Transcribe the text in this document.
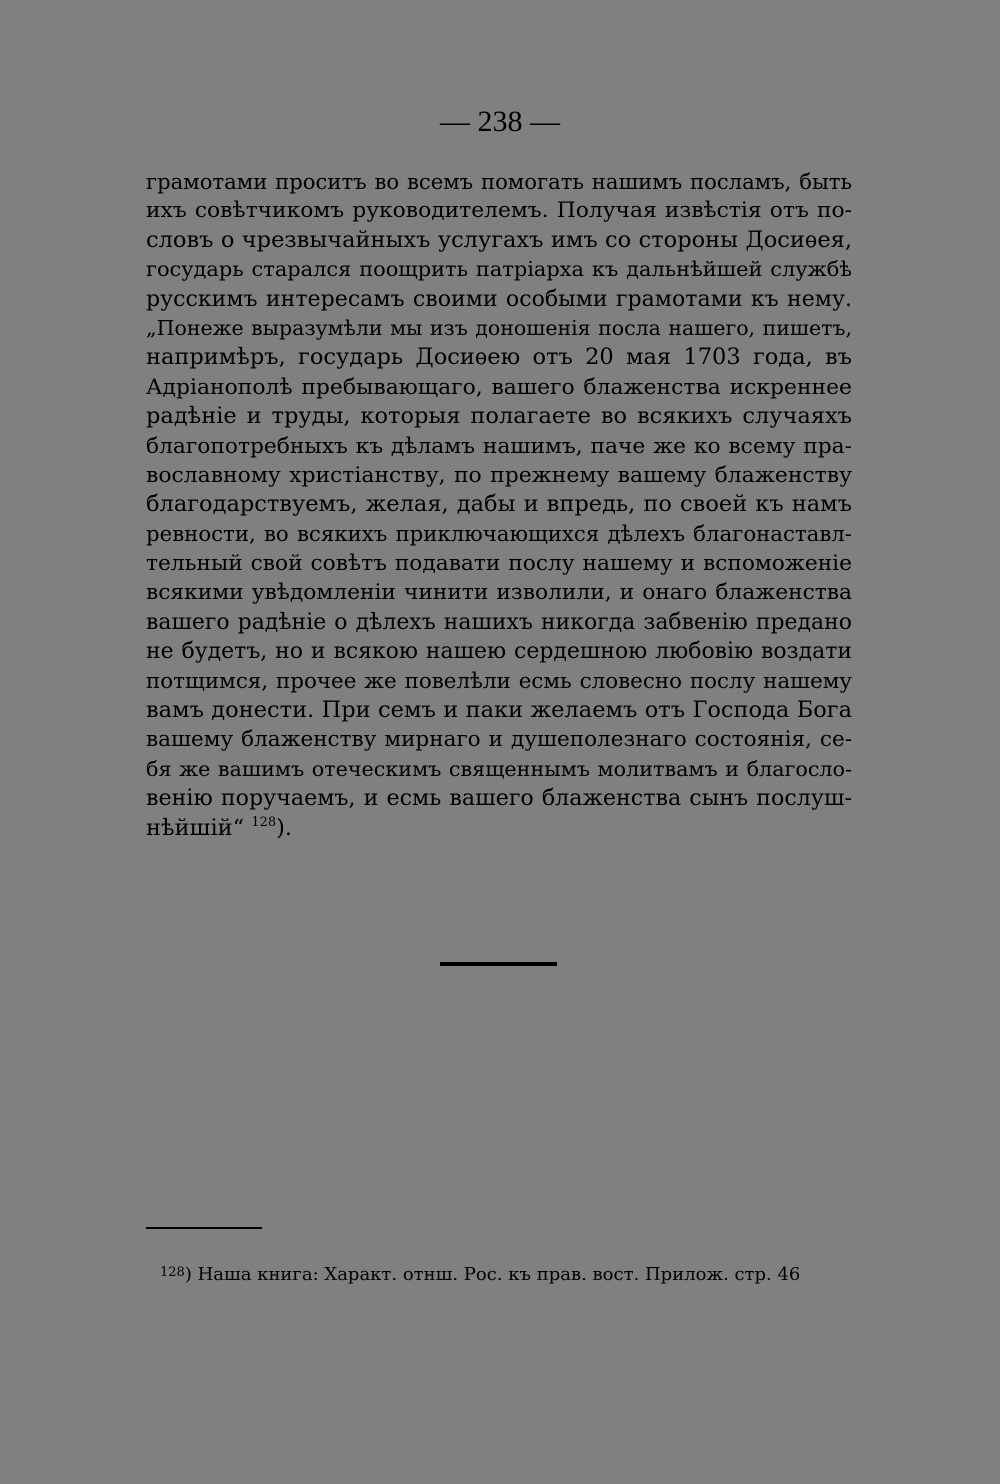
— 238 —
грамотами проситъ во всемъ помогать нашимъ посламъ, быть
ихъ совѣтчикомъ руководителемъ. Получая извѣстія отъ по-
словъ о чрезвычайныхъ услугахъ имъ со стороны Досиѳея,
государь старался поощрить патріарха къ дальнѣйшей службѣ
русскимъ интересамъ своими особыми грамотами къ нему.
„Понеже выразумѣли мы изъ доношенія посла нашего, пишетъ,
напримѣръ, государь Досиѳею отъ 20 мая 1703 года, въ
Адріанополѣ пребывающаго, вашего блаженства искреннее
радѣніе и труды, которыя полагаете во всякихъ случаяхъ
благопотребныхъ къ дѣламъ нашимъ, паче же ко всему пра-
вославному христіанству, по прежнему вашему блаженству
благодарствуемъ, желая, дабы и впредь, по своей къ намъ
ревности, во всякихъ приключающихся дѣлехъ благонаставл-
тельный свой совѣтъ подавати послу нашему и вспоможеніе
всякими увѣдомленіи чинити изволили, и онаго блаженства
вашего радѣніе о дѣлехъ нашихъ никогда забвенію предано
не будетъ, но и всякою нашею сердешною любовію воздати
потщимся, прочее же повелѣли есмь словесно послу нашему
вамъ донести. При семъ и паки желаемъ отъ Господа Бога
вашему блаженству мирнаго и душеполезнаго состоянія, се-
бя же вашимъ отеческимъ священнымъ молитвамъ и благосло-
венію поручаемъ, и есмь вашего блаженства сынъ послуш-
нѣйшій“ $^{128}$).
$^{128}$) Наша книга: Характ. отнш. Рос. къ прав. вост. Прилож. стр. 46
